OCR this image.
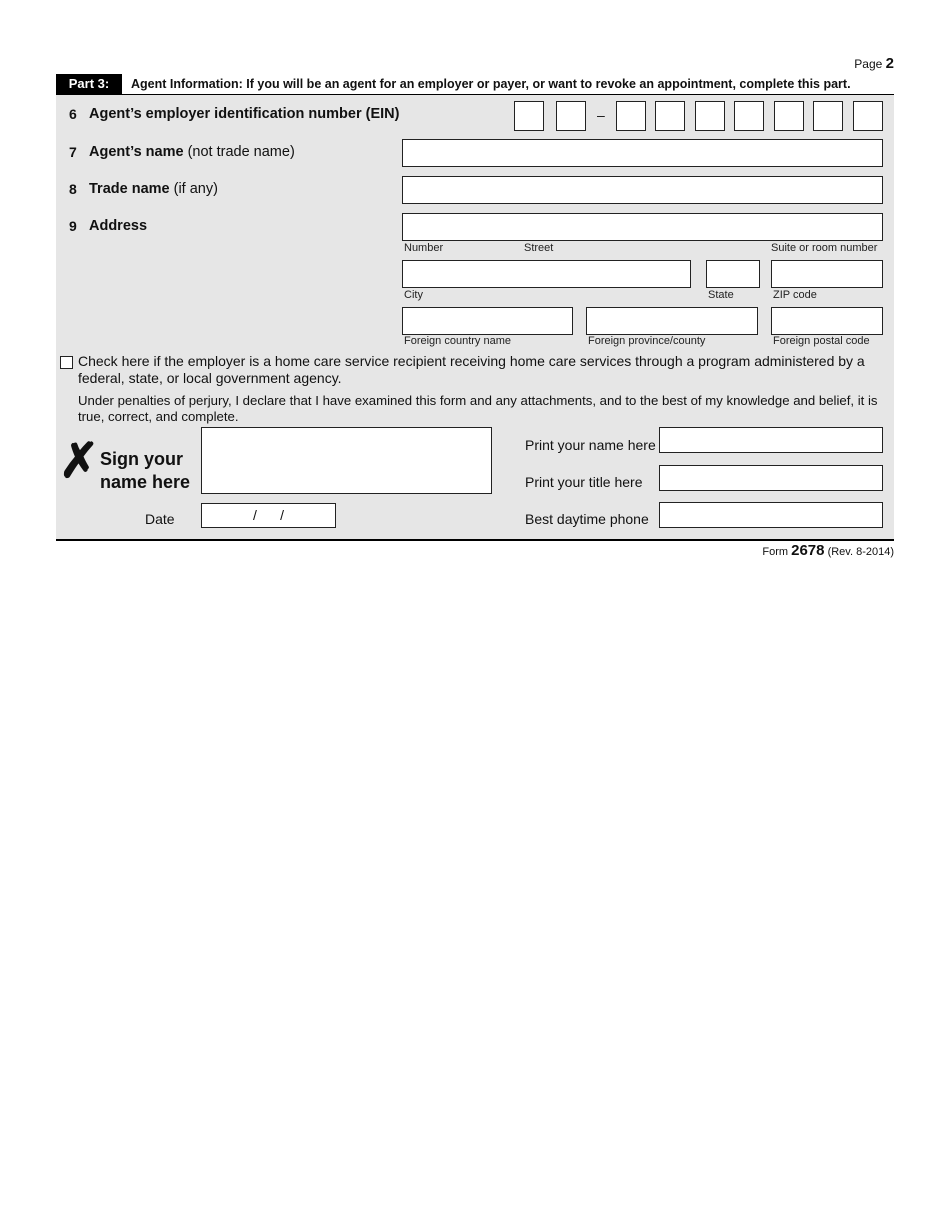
Page 2
Part 3:	Agent Information: If you will be an agent for an employer or payer, or want to revoke an appointment, complete this part.
6 Agent’s employer identification number (EIN)	–
7 Agent’s name (not trade name)
8 Trade name (if any)
9 Address
Number	Street	Suite or room number
City	State	ZIP code
Foreign country name	Foreign province/county	Foreign postal code
Check here if the employer is a home care service recipient receiving home care services through a program administered by a federal, state, or local government agency.
Under penalties of perjury, I declare that I have examined this form and any attachments, and to the best of my knowledge and belief, it is true, correct, and complete.
✗ Sign your
name here
Date	/      /
Print your name here
Print your title here
Best daytime phone
Form 2678 (Rev. 8-2014)
